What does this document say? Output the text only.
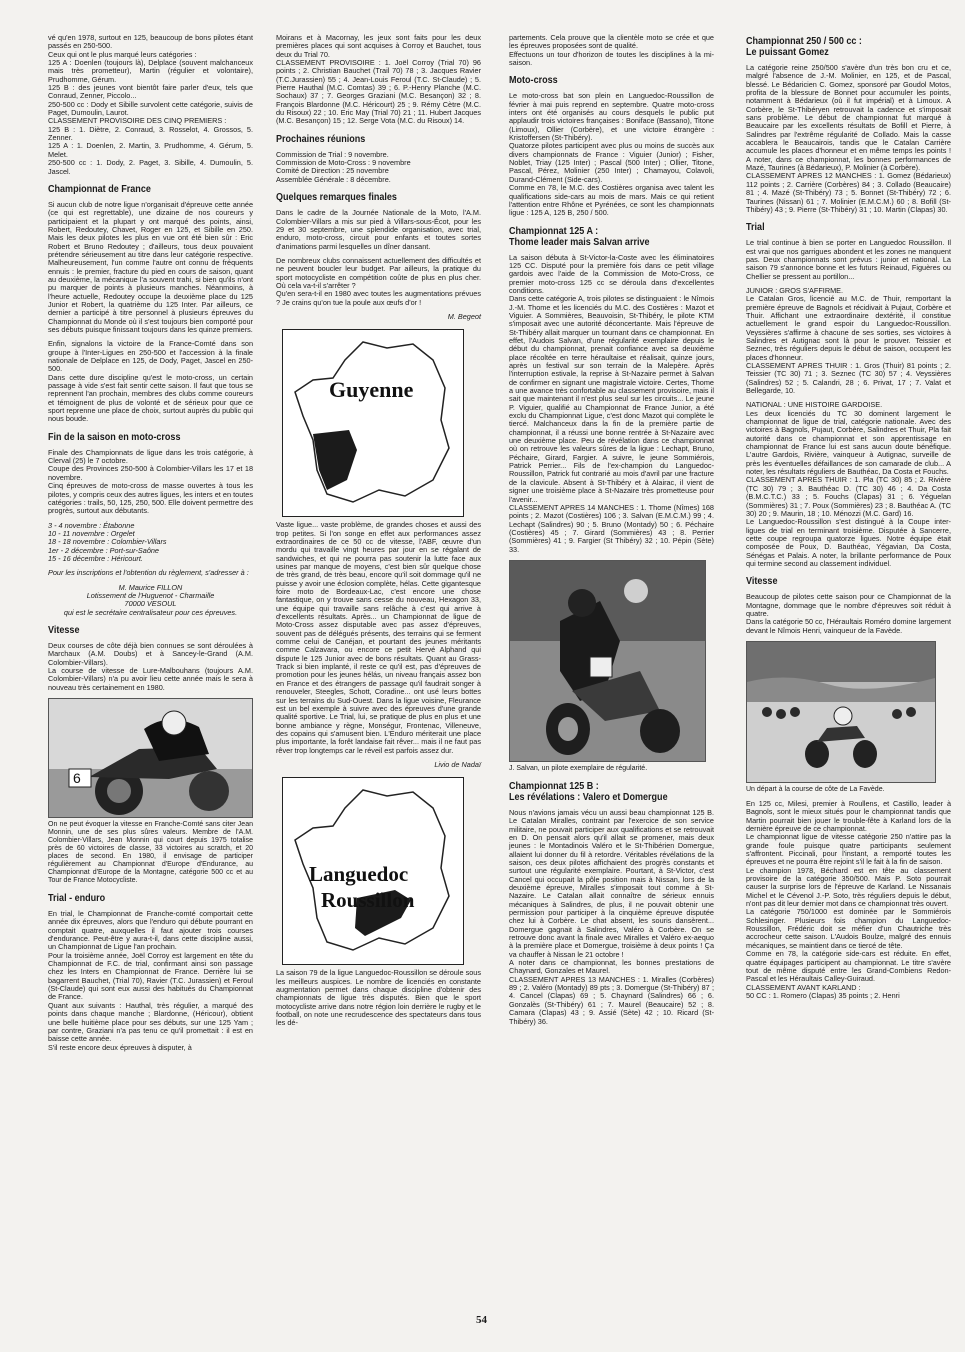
vé qu'en 1978, surtout en 125, beaucoup de bons pilotes étant passés en 250-500.
Ceux qui ont le plus marqué leurs catégories :
125 A : Doenlen (toujours là), Delplace (souvent malchanceux mais très prometteur), Martin (régulier et volontaire), Prudhomme, Gérum.
125 B : des jeunes vont bientôt faire parler d'eux, tels que Conraud, Zenner, Piccolo...
250-500 cc : Dody et Sibille survolent cette catégorie, suivis de Paget, Dumoulin, Laurot.
CLASSEMENT PROVISOIRE DES CINQ PREMIERS :
125 B : 1. Diètre, 2. Conraud, 3. Rosselot, 4. Grossos, 5. Zenner.
125 A : 1. Doenlen, 2. Martin, 3. Prudhomme, 4. Gérum, 5. Melet.
250-500 cc : 1. Dody, 2. Paget, 3. Sibille, 4. Dumoulin, 5. Jascel.

Championnat de France

Si aucun club de notre ligue n'organisait d'épreuve cette année (ce qui est regrettable), une dizaine de nos coureurs y participaient et la plupart y ont marqué des points, ainsi, Robert, Redoutey, Chavet, Roger en 125, et Sibille en 250. Mais les deux pilotes les plus en vue ont été bien sûr : Eric Robert et Bruno Redoutey ; d'ailleurs, tous deux pouvaient prétendre sérieusement au titre dans leur catégorie respective. Malheureusement, l'un comme l'autre ont connu de fréquents ennuis : le premier, fracture du pied en cours de saison, quant au deuxième, la mécanique l'a souvent trahi, si bien qu'ils n'ont pu marquer de points à plusieurs manches. Néanmoins, à l'heure actuelle, Redoutey occupe la deuxième place du 125 Junior et Robert, la quatrième du 125 Inter. Par ailleurs, ce dernier a participé à titre personnel à plusieurs épreuves du Championnat du Monde où il s'est toujours bien comporté pour ses débuts puisque finissant toujours dans les quinze premiers.

Enfin, signalons la victoire de la France-Comté dans son groupe à l'Inter-Ligues en 250-500 et l'accession à la finale nationale de Delplace en 125, de Dody, Paget, Jascel en 250-500.
Dans cette dure discipline qu'est le moto-cross, un certain passage à vide s'est fait sentir cette saison. Il faut que tous se reprennent l'an prochain, membres des clubs comme coureurs et témoignent de plus de volonté et de sérieux pour que ce sport reprenne une place de choix, surtout auprès du public qui nous boude.

Fin de la saison en moto-cross

Finale des Championnats de ligue dans les trois catégorie, à Clerval (25) le 7 octobre.
Coupe des Provinces 250-500 à Colombier-Villars les 17 et 18 novembre.
Cinq épreuves de moto-cross de masse ouvertes à tous les pilotes, y compris ceux des autres ligues, les inters et en toutes catégories : trails, 50, 125, 250, 500. Elle doivent permettre des progrès, surtout aux débutants.

3 - 4 novembre : Étabonne
10 - 11 novembre : Orgelet
18 - 18 novembre : Colombier-Villars
1er - 2 décembre : Port-sur-Saône
15 - 16 décembre : Héricourt.

Pour les inscriptions et l'obtention du règlement, s'adresser à :

M. Maurice FILLON
Lotissement de l'Huguenot - Charmaille
70000 VESOUL
qui est le secrétaire centralisateur pour ces épreuves.

Vitesse

Deux courses de côte déjà bien connues se sont déroulées à Marchaux (A.M. Doubs) et à Sancey-le-Grand (A.M. Colombier-Villars).
La course de vitesse de Lure-Malbouhans (toujours A.M. Colombier-Villars) n'a pu avoir lieu cette année mais le sera à nouveau très certainement en 1980.

6

On ne peut évoquer la vitesse en Franche-Comté sans citer Jean Monnin, une de ses plus sûres valeurs. Membre de l'A.M. Colombier-Villars, Jean Monnin qui court depuis 1975 totalise près de 60 victoires de classe, 33 victoires au scratch, et 20 places de second. En 1980, il envisage de participer régulièrement au Championnat d'Europe d'Endurance, au Championnat d'Europe de la Montagne, catégorie 500 cc et au Tour de France Motocycliste.

Trial - enduro

En trial, le Championnat de Franche-comté comportait cette année dix épreuves, alors que l'enduro qui débute pourrant en comptait quatre, auxquelles il faut ajouter trois courses d'endurance. Peut-être y aura-t-il, dans cette discipline aussi, un Championnat de Ligue l'an prochain.
Pour la troisième année, Joël Corroy est largement en tête du Championnat de F.C. de trial, confirmant ainsi son passage chez les Inters en Championnat de France. Derrière lui se bagarrent Bauchet, (Trial 70), Ravier (T.C. Jurassien) et Feroul (St-Claude) qui sont eux aussi des habitués du Championnat de France.
Quant aux suivants : Hauthal, très régulier, a marqué des points dans chaque manche ; Blardonne, (Héricour), obtient une belle huitième place pour ses débuts, sur une 125 Yam ; par contre, Graziani n'a pas tenu ce qu'il promettait : il est en baisse cette année.
S'il reste encore deux épreuves à disputer, à

Moirans et à Macornay, les jeux sont faits pour les deux premières places qui sont acquises à Corroy et Bauchet, tous deux du Trial 70.
CLASSEMENT PROVISOIRE : 1. Joël Corroy (Trial 70) 96 points ; 2. Christian Bauchet (Trail 70) 78 ; 3. Jacques Ravier (T.C.Jurassien) 55 ; 4. Jean-Louis Feroul (T.C. St-Claude) ; 5. Pierre Hauthal (M.C. Comtas) 39 ; 6. P.-Henry Planche (M.C. Sochaux) 37 ; 7. Georges Graziani (M.C. Besançon) 32 ; 8. François Blardonne (M.C. Héricourt) 25 ; 9. Rémy Cètre (M.C. du Risoux) 22 ; 10. Eric May (Trial 70) 21 ; 11. Hubert Jacques (M.C. Besançon) 15 ; 12. Serge Vota (M.C. du Risoux) 14.

Prochaines réunions

Commission de Trial : 9 novembre.
Commission de Moto-Cross : 9 novembre
Comité de Direction : 25 novembre
Assemblée Générale : 8 décembre.

Quelques remarques finales

Dans le cadre de la Journée Nationale de la Moto, l'A.M. Colombier-Villars a mis sur pied à Villars-sous-Écot, pour les 29 et 30 septembre, une splendide organisation, avec trial, enduro, moto-cross, circuit pour enfants et toutes sortes d'animations parmi lesquelles un dîner dansant.

De nombreux clubs connaissent actuellement des difficultés et ne peuvent boucler leur budget. Par ailleurs, la pratique du sport motocycliste en compétition coûte de plus en plus cher. Où cela va-t-il s'arrêter ?
Qu'en sera-t-il en 1980 avec toutes les augmentations prévues ? Je crains qu'on tue la poule aux œufs d'or !

M. Begeot

Guyenne

Vaste ligue... vaste problème, de grandes choses et aussi des trop petites. Si l'on songe en effet aux performances assez extraordinaires de ce 50 cc de vitesse, l'ABF, œuvre d'un mordu qui travaille vingt heures par jour en se régalant de sandwiches, et qui ne pourra pas soutenir la lutte face aux usines par manque de moyens, c'est bien sûr quelque chose de très grand, de très beau, encore qu'il soit dommage qu'il ne puisse y avoir une éclosion complète, hélas. Cette gigantesque foire moto de Bordeaux-Lac, c'est encore une chose fantastique, on y trouve sans cesse du nouveau, Hexagon 33, une équipe qui travaille sans relâche à c'est qui arrive à d'excellents résultats. Après... un Championnat de ligue de Moto-Cross assez disputable avec pas assez d'épreuves, souvent pas de délégués présents, des terrains qui se ferment comme celui de Canéjan, et pourtant des jeunes méritants comme Calzavara, ou encore ce petit Hervé Alphand qui dispute le 125 Junior avec de bons résultats. Quant au Grass-Track si bien implanté, il reste ce qu'il est, pas d'épreuves de promotion pour les jeunes hélás, un niveau français assez bon en France et des étrangers de passage qu'il faudrait songer à renouveler, Steegles, Schott, Coradine... ont usé leurs bottes sur les terrains du Sud-Ouest. Dans la ligue voisine, Fleurance est un bel exemple à suivre avec des épreuves d'une grande qualité sportive. Le Trial, lui, se pratique de plus en plus et une bonne ambiance y règne, Monségur, Frontenac, Villeneuve, des copains qui s'amusent bien. L'Enduro mériterait une place plus importante, la forêt landaise fait rêver... mais il ne faut pas rêver trop longtemps car le réveil est parfois assez dur.

Livio de Nadaï

Languedoc
Roussillon

La saison 79 de la ligue Languedoc-Roussillon se déroule sous les meilleurs auspices. Le nombre de licenciés en constante augmentation permet dans chaque discipline d'obtenir des championnats de ligue très disputés. Bien que le sport motocycliste arrive dans notre région loin derrière le rugby et le football, on note une recrudescence des spectateurs dans tous les dé-

partements. Cela prouve que la clientèle moto se crée et que les épreuves proposées sont de qualité.
Effectuons un tour d'horizon de toutes les disciplines à la mi-saison.

Moto-cross

Le moto-cross bat son plein en Languedoc-Roussillon de février à mai puis reprend en septembre. Quatre moto-cross inters ont été organisés au cours desquels le public put applaudir trois victoires françaises : Boniface (Bassano), Titone (Limoux), Ollier (Corbère), et une victoire étrangère : Kristoffersen (St-Thibéry).
Quatorze pilotes participent avec plus ou moins de succès aux divers championnats de France : Viguier (Junior) ; Fisher, Noblet, Triay (125 Inter) ; Pascal (500 Inter) ; Ollier, Titone, Pascal, Pérez, Molinier (250 Inter) ; Chamayou, Colavoli, Durand-Clément (Side-cars).
Comme en 78, le M.C. des Costières organisa avec talent les qualifications side-cars au mois de mars. Mais ce qui retient l'attention entre Rhône et Pyrénées, ce sont les championnats ligue : 125 A, 125 B, 250 / 500.

Championnat 125 A :
Thome leader mais Salvan arrive

La saison débuta à St-Victor-la-Coste avec les éliminatoires 125 CC. Disputé pour la première fois dans ce petit village gardois avec l'aide de la Commission de Moto-Cross, ce premier moto-cross 125 cc se déroula dans d'excellentes conditions.
Dans cette catégorie A, trois pilotes se distinguaient : le Nîmois J.-M. Thome et les licenciés du M.C. des Costières : Mazot et Viguier. A Sommières, Beauvoisin, St-Thibéry, le pilote KTM s'imposait avec une autorité déconcertante. Mais l'épreuve de St-Thibéry allait marquer un tournant dans ce championnat. En effet, l'Audois Salvan, d'une régularité exemplaire depuis le début du championnat, prenait confiance avec sa deuxième place récoltée en terre héraultaise et réalisait, quinze jours, après un festival sur son terrain de la Malepère. Après l'interruption estivale, la reprise à St-Nazaire permet à Salvan de confirmer en signant une magistrale victoire. Certes, Thome a une avance très confortable au classement provisoire, mais il sait que maintenant il n'est plus seul sur les circuits... Le jeune P. Viguier, qualifié au Championnat de France Junior, a été exclu du Championnat Ligue, c'est donc Mazot qui complète le tiercé. Malchanceux dans la fin de la première partie de championnat, il a réussi une bonne rentrée à St-Nazaire avec une deuxième place. Peu de révélation dans ce championnat où on retrouve les valeurs sûres de la ligue : Lechapt, Bruno, Péchaire, Girard, Fargier. A suivre, le jeune Sommiérois, Patrick Perrier... Fils de l'ex-champion du Languedoc-Roussillon, Patrick fut contrarié au mois d'avril par une fracture de la clavicule. Absent à St-Thibéry et à Alairac, il vient de signer une troisième place à St-Nazaire très prometteuse pour l'avenir...
CLASSEMENT APRES 14 MANCHES : 1. Thome (Nîmes) 168 points ; 2. Mazot (Costières) 106 ; 3. Salvan (E.M.C.M.) 99 ; 4. Lechapt (Salindres) 90 ; 5. Bruno (Montady) 50 ; 6. Péchaire (Costières) 45 ; 7. Girard (Sommières) 43 ; 8. Perrier (Sommières) 41 ; 9. Fargier (St Thibéry) 32 ; 10. Pépin (Sète) 33.

J. Salvan, un pilote exemplaire de régularité.

Championnat 125 B :
Les révélations : Valero et Domergue

Nous n'avions jamais vécu un aussi beau championnat 125 B. Le Catalan Miralles, contraint par l'exercice de son service militaire, ne pouvait participer aux qualifications et se retrouvait en D. On pensait alors qu'il allait se promener, mais deux jeunes : le Montadinois Valéro et le St-Thibérien Domergue, allaient lui donner du fil à retordre. Véritables révélations de la saison, ces deux pilotes affichaient des progrès constants et surtout une régularité exemplaire. Pourtant, à St-Victor, c'est Cancel qui occupait la pôle position mais à Nissan, lors de la deuxième épreuve, Miralles s'imposait tout comme à St-Nazaire. Le Catalan allait connaître de sérieux ennuis mécaniques à Salindres, de plus, il ne pouvait obtenir une permission pour participer à la cinquième épreuve disputée chez lui à Corbère. Le chat absent, les souris dansèrent... Domergue gagnait à Salindres, Valéro à Corbère. On se retrouve donc avant la finale avec Miralles et Valéro ex-aequo à la première place et Domergue, troisième à deux points ! Ça va chauffer à Nissan le 21 octobre !
A noter dans ce championnat, les bonnes prestations de Chaynard, Gonzales et Maurel.
CLASSEMENT APRES 13 MANCHES : 1. Miralles (Corbères) 89 ; 2. Valéro (Montady) 89 pts ; 3. Domergue (St-Thibéry) 87 ; 4. Cancel (Clapas) 69 ; 5. Chaynard (Salindres) 66 ; 6. Gonzalès (St-Thibéry) 61 ; 7. Maurel (Beaucaire) 52 ; 8. Camara (Clapas) 43 ; 9. Assié (Sète) 42 ; 10. Ricard (St-Thibéry) 36.

Championnat 250 / 500 cc :
Le puissant Gomez

La catégorie reine 250/500 s'avère d'un très bon cru et ce, malgré l'absence de J.-M. Molinier, en 125, et de Pascal, blessé. Le Bédaricien C. Gomez, sponsoré par Goudol Motos, profita de la blessure de Bonnet pour accumuler les points, notamment à Bédarieux (où il fut impérial) et à Limoux. A Corbère, le St-Thibéryen retrouvait la cadence et s'imposait sans problème. Le début de championnat fut marqué à Beaucaire par les excellents résultats de Bofill et Pierre, à Salindres par l'extrême régularité de Collado. Mais la casse accablera le Beaucairois, tandis que le Catalan Carrière accumule les places d'honneur et en même temps les points ! A noter, dans ce championnat, les bonnes performances de Mazé, Taurines (à Bédarieux), P. Molinier (à Corbère).
CLASSEMENT APRES 12 MANCHES : 1. Gomez (Bédarieux) 112 points ; 2. Carrière (Corbères) 84 ; 3. Collado (Beaucaire) 81 ; 4. Mazé (St-Thibéry) 73 ; 5. Bonnet (St-Thibéry) 72 ; 6. Taurines (Nissan) 61 ; 7. Molinier (E.M.C.M.) 60 ; 8. Bofill (St-Thibéry) 43 ; 9. Pierre (St-Thibéry) 31 ; 10. Martin (Clapas) 30.

Trial

Le trial continue à bien se porter en Languedoc Roussillon. Il est vrai que nos garrigues abondent et les zones ne manquent pas. Deux championnats sont prévus : junior et national. La saison 79 s'annonce bonne et les futurs Reinaud, Figuères ou Chellier se pressent au portillon...

JUNIOR : GROS S'AFFIRME.
Le Catalan Gros, licencié au M.C. de Thuir, remportant la première épreuve de Bagnols et récidivait à Pujaut, Corbère et Thuir. Affichant une extraordinaire dextérité, il constitue actuellement le grand espoir du Languedoc-Roussillon. Veyssières s'affirme à chacune de ses sorties, ses victoires à Salindres et Autignac sont là pour le prouver. Teissier et Seznec, très réguliers depuis le début de saison, occupent les places d'honneur.
CLASSEMENT APRES THUIR : 1. Gros (Thuir) 81 points ; 2. Teissier (TC 30) 71 ; 3. Seznec (TC 30) 57 ; 4. Veyssières (Salindres) 52 ; 5. Calandri, 28 ; 6. Privat, 17 ; 7. Valat et Bellegarde, 10.

NATIONAL : UNE HISTOIRE GARDOISE.
Les deux licenciés du TC 30 dominent largement le championnat de ligue de trial, catégorie nationale. Avec des victoires à Bagnols, Pujaut, Corbère, Salindres et Thuir, Pla fait autorité dans ce championnat et son apprentissage en championnat de France lui est sans aucun doute bénéfique. L'autre Gardois, Rivière, vainqueur à Autignac, surveille de près les éventuelles défaillances de son camarade de club... A noter, les résultats réguliers de Bauthéac, Da Costa et Fouchs.
CLASSEMENT APRES THUIR : 1. Pla (TC 30) 85 ; 2. Rivière (TC 30) 79 ; 3. Bauthéac D. (TC 30) 46 ; 4. Da Costa (B.M.C.T.C.) 33 ; 5. Fouchs (Clapas) 31 ; 6. Yéguelan (Sommières) 31 ; 7. Poux (Sommières) 23 ; 8. Bauthéac A. (TC 30) 20 ; 9. Maurin, 18 ; 10. Ménozzi (M.C. Gard) 16.
Le Languedoc-Roussillon s'est distingué à la Coupe inter-ligues de trial en terminant troisième. Disputée à Sancerre, cette coupe regroupa quatorze ligues. Notre équipe était composée de Poux, D. Bauthéac, Yégavian, Da Costa, Sénégas et Palais. A noter, la brillante performance de Poux qui termine second au classement individuel.

Vitesse

Beaucoup de pilotes cette saison pour ce Championnat de la Montagne, dommage que le nombre d'épreuves soit réduit à quatre.
Dans la catégorie 50 cc, l'Héraultais Roméro domine largement devant le Nîmois Henri, vainqueur de la Favède.

Un départ à la course de côte de La Favède.

En 125 cc, Milesi, premier à Roullens, et Castillo, leader à Bagnols, sont le mieux situés pour le championnat tandis que Martin pourrait bien jouer le trouble-fête à Karland lors de la dernière épreuve de ce championnat.
Le championnat ligue de vitesse catégorie 250 n'attire pas la grande foule puisque quatre participants seulement s'affrontent. Piccinali, pour l'instant, a remporté toutes les épreuves et ne pourra être rejoint s'il le fait à la fin de saison.
Le champion 1978, Béchard est en tête au classement provisoire de la catégorie 350/500. Mais P. Soto pourrait causer la surprise lors de l'épreuve de Karland. Le Nissanais Michel et le Cévenol J.-P. Soto, très réguliers depuis le début, n'ont pas dit leur dernier mot dans ce championnat très ouvert.
La catégorie 750/1000 est dominée par le Sommiérois Schlesinger. Plusieurs fois champion du Languedoc-Roussillon, Frédéric doit se méfier d'un Chautriche très accrocheur cette saison. L'Audois Boulze, malgré des ennuis mécaniques, se maintient dans ce tiercé de tête.
Comme en 78, la catégorie side-cars est réduite. En effet, quatre équipages participent au championnat. Le titre s'avère tout de même disputé entre les Grand-Combiens Redon-Pascal et les Héraultais Calley-Guiraud.
CLASSEMENT AVANT KARLAND :
50 CC : 1. Romero (Clapas) 35 points ; 2. Henri

54
